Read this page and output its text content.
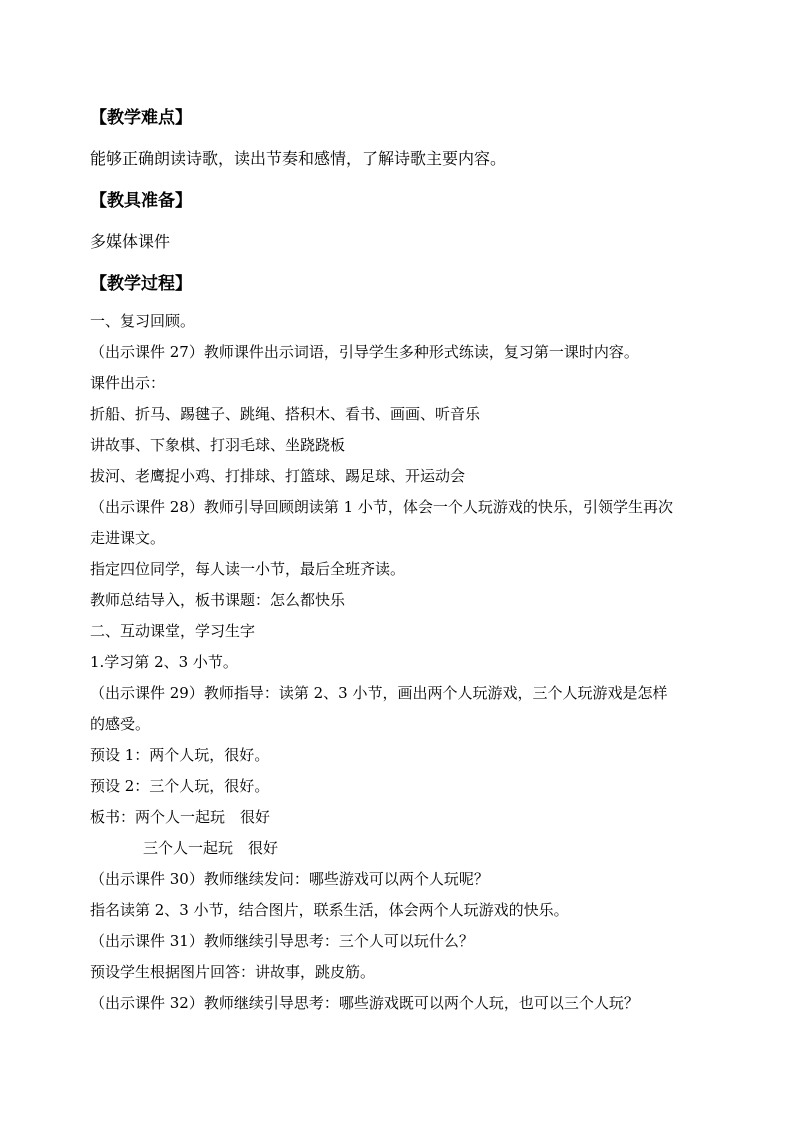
【教学难点】
能够正确朗读诗歌，读出节奏和感情，了解诗歌主要内容。
【教具准备】
多媒体课件
【教学过程】
一、复习回顾。
（出示课件 27）教师课件出示词语，引导学生多种形式练读，复习第一课时内容。
课件出示：
折船、折马、踢毽子、跳绳、搭积木、看书、画画、听音乐
讲故事、下象棋、打羽毛球、坐跷跷板
拔河、老鹰捉小鸡、打排球、打篮球、踢足球、开运动会
（出示课件 28）教师引导回顾朗读第 1 小节，体会一个人玩游戏的快乐，引领学生再次
走进课文。
指定四位同学，每人读一小节，最后全班齐读。
教师总结导入，板书课题：怎么都快乐
二、互动课堂，学习生字
1.学习第 2、3 小节。
（出示课件 29）教师指导：读第 2、3 小节，画出两个人玩游戏，三个人玩游戏是怎样
的感受。
预设 1：两个人玩，很好。
预设 2：三个人玩，很好。
板书：两个人一起玩　很好
三个人一起玩　很好
（出示课件 30）教师继续发问：哪些游戏可以两个人玩呢？
指名读第 2、3 小节，结合图片，联系生活，体会两个人玩游戏的快乐。
（出示课件 31）教师继续引导思考：三个人可以玩什么？
预设学生根据图片回答：讲故事，跳皮筋。
（出示课件 32）教师继续引导思考：哪些游戏既可以两个人玩，也可以三个人玩？
